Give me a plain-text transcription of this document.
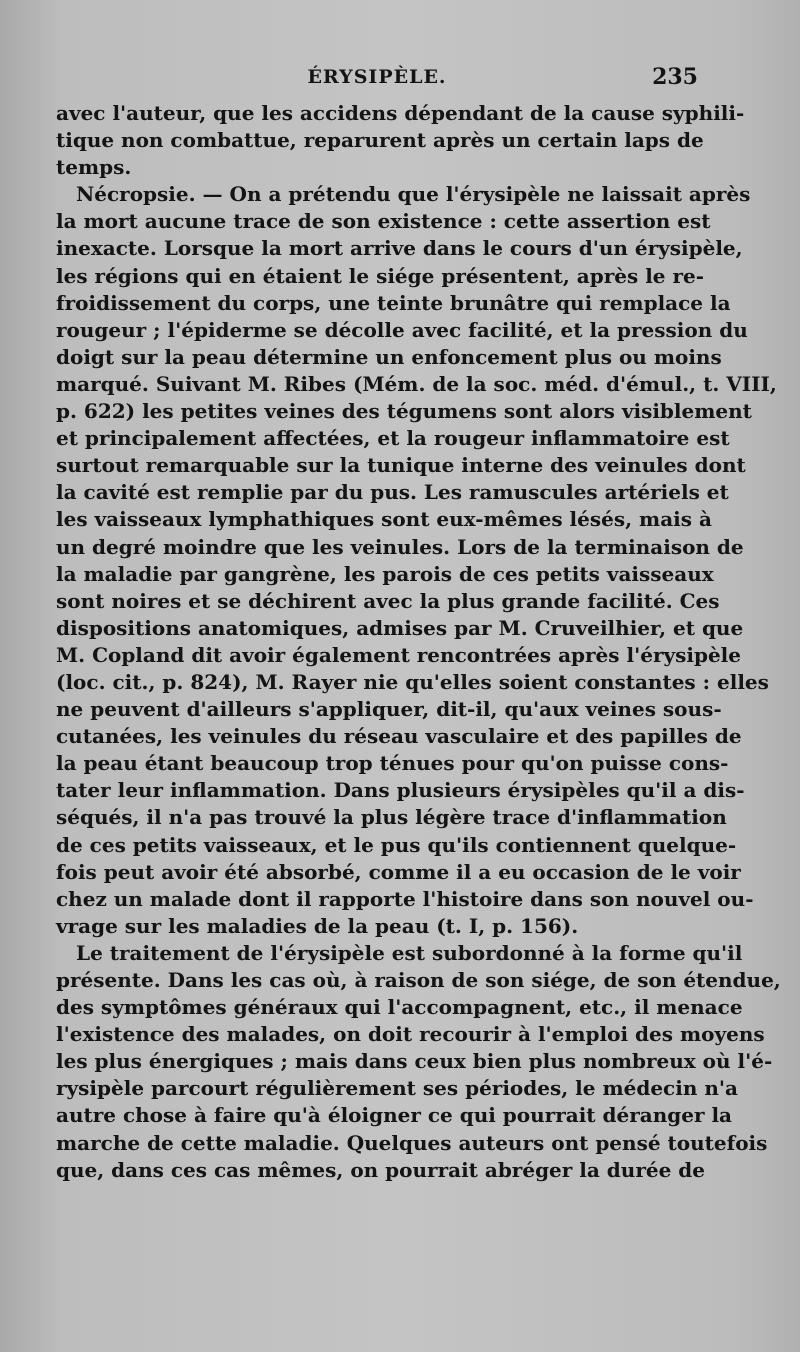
ÉRYSIPÈLE.	235
avec l'auteur, que les accidens dépendant de la cause syphili-
tique non combattue, reparurent après un certain laps de
temps.
Nécropsie. — On a prétendu que l'érysipèle ne laissait après
la mort aucune trace de son existence : cette assertion est
inexacte. Lorsque la mort arrive dans le cours d'un érysipèle,
les régions qui en étaient le siége présentent, après le re-
froidissement du corps, une teinte brunâtre qui remplace la
rougeur ; l'épiderme se décolle avec facilité, et la pression du
doigt sur la peau détermine un enfoncement plus ou moins
marqué. Suivant M. Ribes (Mém. de la soc. méd. d'émul., t. VIII,
p. 622) les petites veines des tégumens sont alors visiblement
et principalement affectées, et la rougeur inflammatoire est
surtout remarquable sur la tunique interne des veinules dont
la cavité est remplie par du pus. Les ramuscules artériels et
les vaisseaux lymphathiques sont eux-mêmes lésés, mais à
un degré moindre que les veinules. Lors de la terminaison de
la maladie par gangrène, les parois de ces petits vaisseaux
sont noires et se déchirent avec la plus grande facilité. Ces
dispositions anatomiques, admises par M. Cruveilhier, et que
M. Copland dit avoir également rencontrées après l'érysipèle
(loc. cit., p. 824), M. Rayer nie qu'elles soient constantes : elles
ne peuvent d'ailleurs s'appliquer, dit-il, qu'aux veines sous-
cutanées, les veinules du réseau vasculaire et des papilles de
la peau étant beaucoup trop ténues pour qu'on puisse cons-
tater leur inflammation. Dans plusieurs érysipèles qu'il a dis-
séqués, il n'a pas trouvé la plus légère trace d'inflammation
de ces petits vaisseaux, et le pus qu'ils contiennent quelque-
fois peut avoir été absorbé, comme il a eu occasion de le voir
chez un malade dont il rapporte l'histoire dans son nouvel ou-
vrage sur les maladies de la peau (t. I, p. 156).
Le traitement de l'érysipèle est subordonné à la forme qu'il
présente. Dans les cas où, à raison de son siége, de son étendue,
des symptômes généraux qui l'accompagnent, etc., il menace
l'existence des malades, on doit recourir à l'emploi des moyens
les plus énergiques ; mais dans ceux bien plus nombreux où l'é-
rysipèle parcourt régulièrement ses périodes, le médecin n'a
autre chose à faire qu'à éloigner ce qui pourrait déranger la
marche de cette maladie. Quelques auteurs ont pensé toutefois
que, dans ces cas mêmes, on pourrait abréger la durée de
